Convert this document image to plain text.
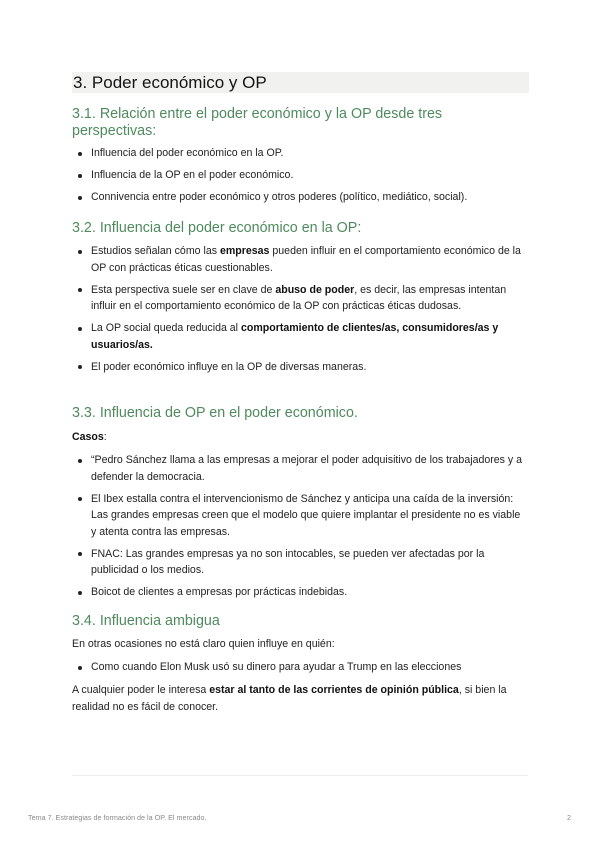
3. Poder económico y OP
3.1. Relación entre el poder económico y la OP desde tres perspectivas:
Influencia del poder económico en la OP.
Influencia de la OP en el poder económico.
Connivencia entre poder económico y otros poderes (político, mediático, social).
3.2. Influencia del poder económico en la OP:
Estudios señalan cómo las empresas pueden influir en el comportamiento económico de la OP con prácticas éticas cuestionables.
Esta perspectiva suele ser en clave de abuso de poder, es decir, las empresas intentan influir en el comportamiento económico de la OP con prácticas éticas dudosas.
La OP social queda reducida al comportamiento de clientes/as, consumidores/as y usuarios/as.
El poder económico influye en la OP de diversas maneras.
3.3. Influencia de OP en el poder económico.
Casos:
“Pedro Sánchez llama a las empresas a mejorar el poder adquisitivo de los trabajadores y a defender la democracia.
El Ibex estalla contra el intervencionismo de Sánchez y anticipa una caída de la inversión: Las grandes empresas creen que el modelo que quiere implantar el presidente no es viable y atenta contra las empresas.
FNAC: Las grandes empresas ya no son intocables, se pueden ver afectadas por la publicidad o los medios.
Boicot de clientes a empresas por prácticas indebidas.
3.4. Influencia ambigua
En otras ocasiones no está claro quien influye en quién:
Como cuando Elon Musk usó su dinero para ayudar a Trump en las elecciones
A cualquier poder le interesa estar al tanto de las corrientes de opinión pública, si bien la realidad no es fácil de conocer.
Tema 7. Estrategias de formación de la OP. El mercado.	2
